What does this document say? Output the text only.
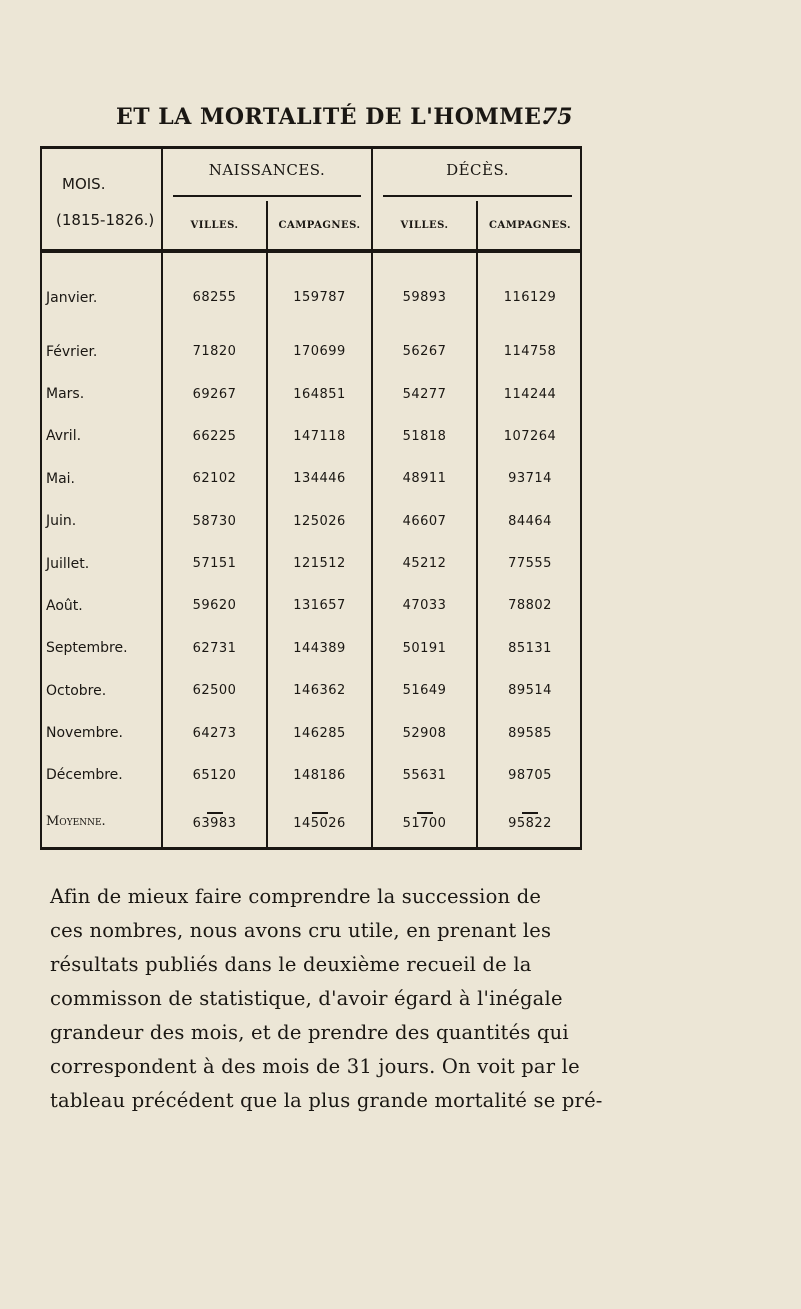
ET LA MORTALITÉ DE L'HOMME.
75
MOIS.
(1815-1826.)	NAISSANCES.		DÉCÈS.	

	VILLES.	CAMPAGNES.	VILLES.	CAMPAGNES.
Janvier.	68255	159787	59893	116129
Février.	71820	170699	56267	114758
Mars.	69267	164851	54277	114244
Avril.	66225	147118	51818	107264
Mai.	62102	134446	48911	93714
Juin.	58730	125026	46607	84464
Juillet.	57151	121512	45212	77555
Août.	59620	131657	47033	78802
Septembre.	62731	144389	50191	85131
Octobre.	62500	146362	51649	89514
Novembre.	64273	146285	52908	89585
Décembre.	65120	148186	55631	98705
Moyenne.	63983	145026	51700	95822
Afin de mieux faire comprendre la succession de
ces nombres, nous avons cru utile, en prenant les
résultats publiés dans le deuxième recueil de la
commisson de statistique, d'avoir égard à l'inégale
grandeur des mois, et de prendre des quantités qui
correspondent à des mois de 31 jours. On voit par le
tableau précédent que la plus grande mortalité se pré-
